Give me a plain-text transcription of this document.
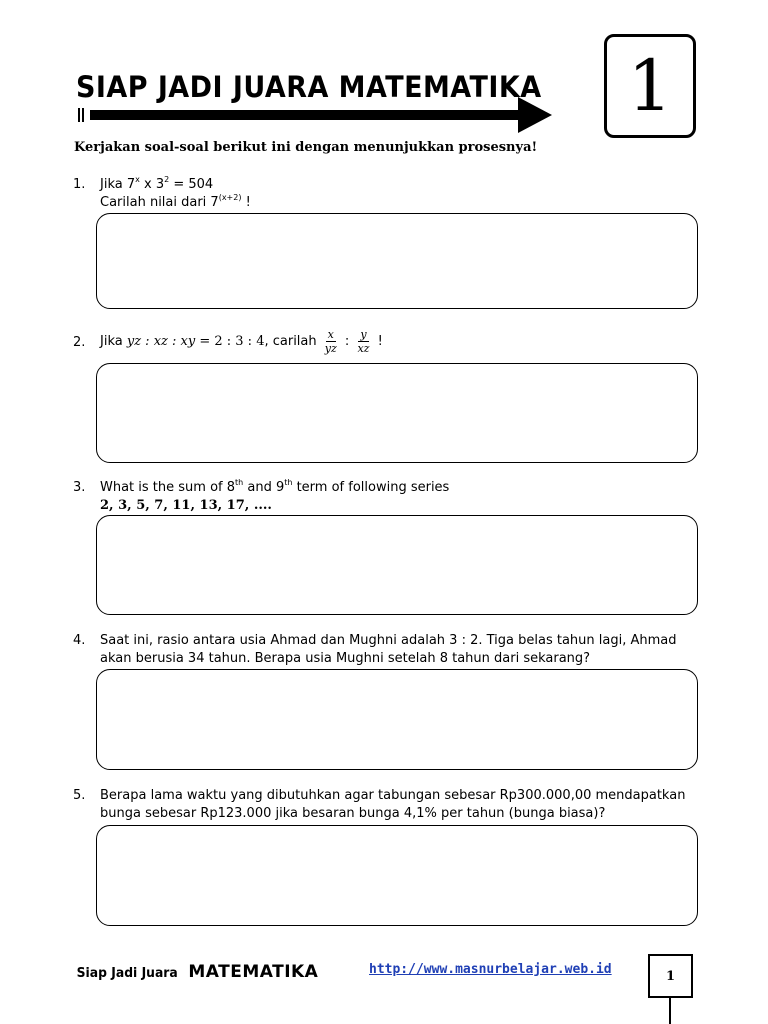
SIAP JADI JUARA MATEMATIKA	1
Kerjakan soal-soal berikut ini dengan menunjukkan prosesnya!
1. Jika 7$^x$ x $3^2 = 504$
Carilah nilai dari $7^{(x+2)}$ !
2. Jika yz : xz : xy = 2 : 3 : 4, carilah $\frac{x}{yz}$ : $\frac{y}{xz}$ !
3. What is the sum of 8th and 9th term of following series
2, 3, 5, 7, 11, 13, 17, ....
4. Saat ini, rasio antara usia Ahmad dan Mughni adalah 3 : 2. Tiga belas tahun lagi, Ahmad akan berusia 34 tahun. Berapa usia Mughni setelah 8 tahun dari sekarang?
5. Berapa lama waktu yang dibutuhkan agar tabungan sebesar Rp300.000,00 mendapatkan bunga sebesar Rp123.000 jika besaran bunga 4,1% per tahun (bunga biasa)?
Siap Jadi Juara MATEMATIKA	http://www.masnurbelajar.web.id	1
